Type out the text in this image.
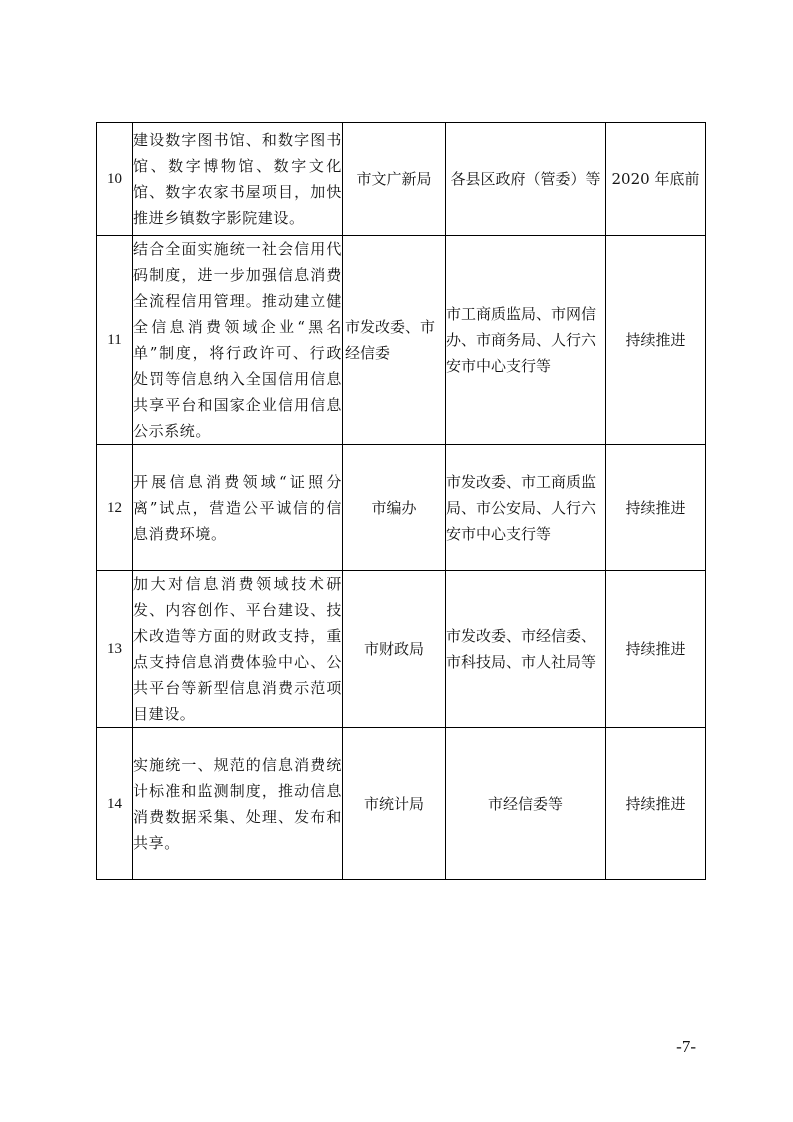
10	建设数字图书馆、和数字图书馆、数字博物馆、数字文化馆、数字农家书屋项目，加快推进乡镇数字影院建设。	市文广新局	各县区政府（管委）等	2020 年底前
11	结合全面实施统一社会信用代码制度，进一步加强信息消费全流程信用管理。推动建立健全信息消费领域企业“黑名单”制度，将行政许可、行政处罚等信息纳入全国信用信息共享平台和国家企业信用信息公示系统。	市发改委、市经信委	市工商质监局、市网信办、市商务局、人行六安市中心支行等	持续推进
12	开展信息消费领域“证照分离”试点，营造公平诚信的信息消费环境。	市编办	市发改委、市工商质监局、市公安局、人行六安市中心支行等	持续推进
13	加大对信息消费领域技术研发、内容创作、平台建设、技术改造等方面的财政支持，重点支持信息消费体验中心、公共平台等新型信息消费示范项目建设。	市财政局	市发改委、市经信委、市科技局、市人社局等	持续推进
14	实施统一、规范的信息消费统计标准和监测制度，推动信息消费数据采集、处理、发布和共享。	市统计局	市经信委等	持续推进
-7-
